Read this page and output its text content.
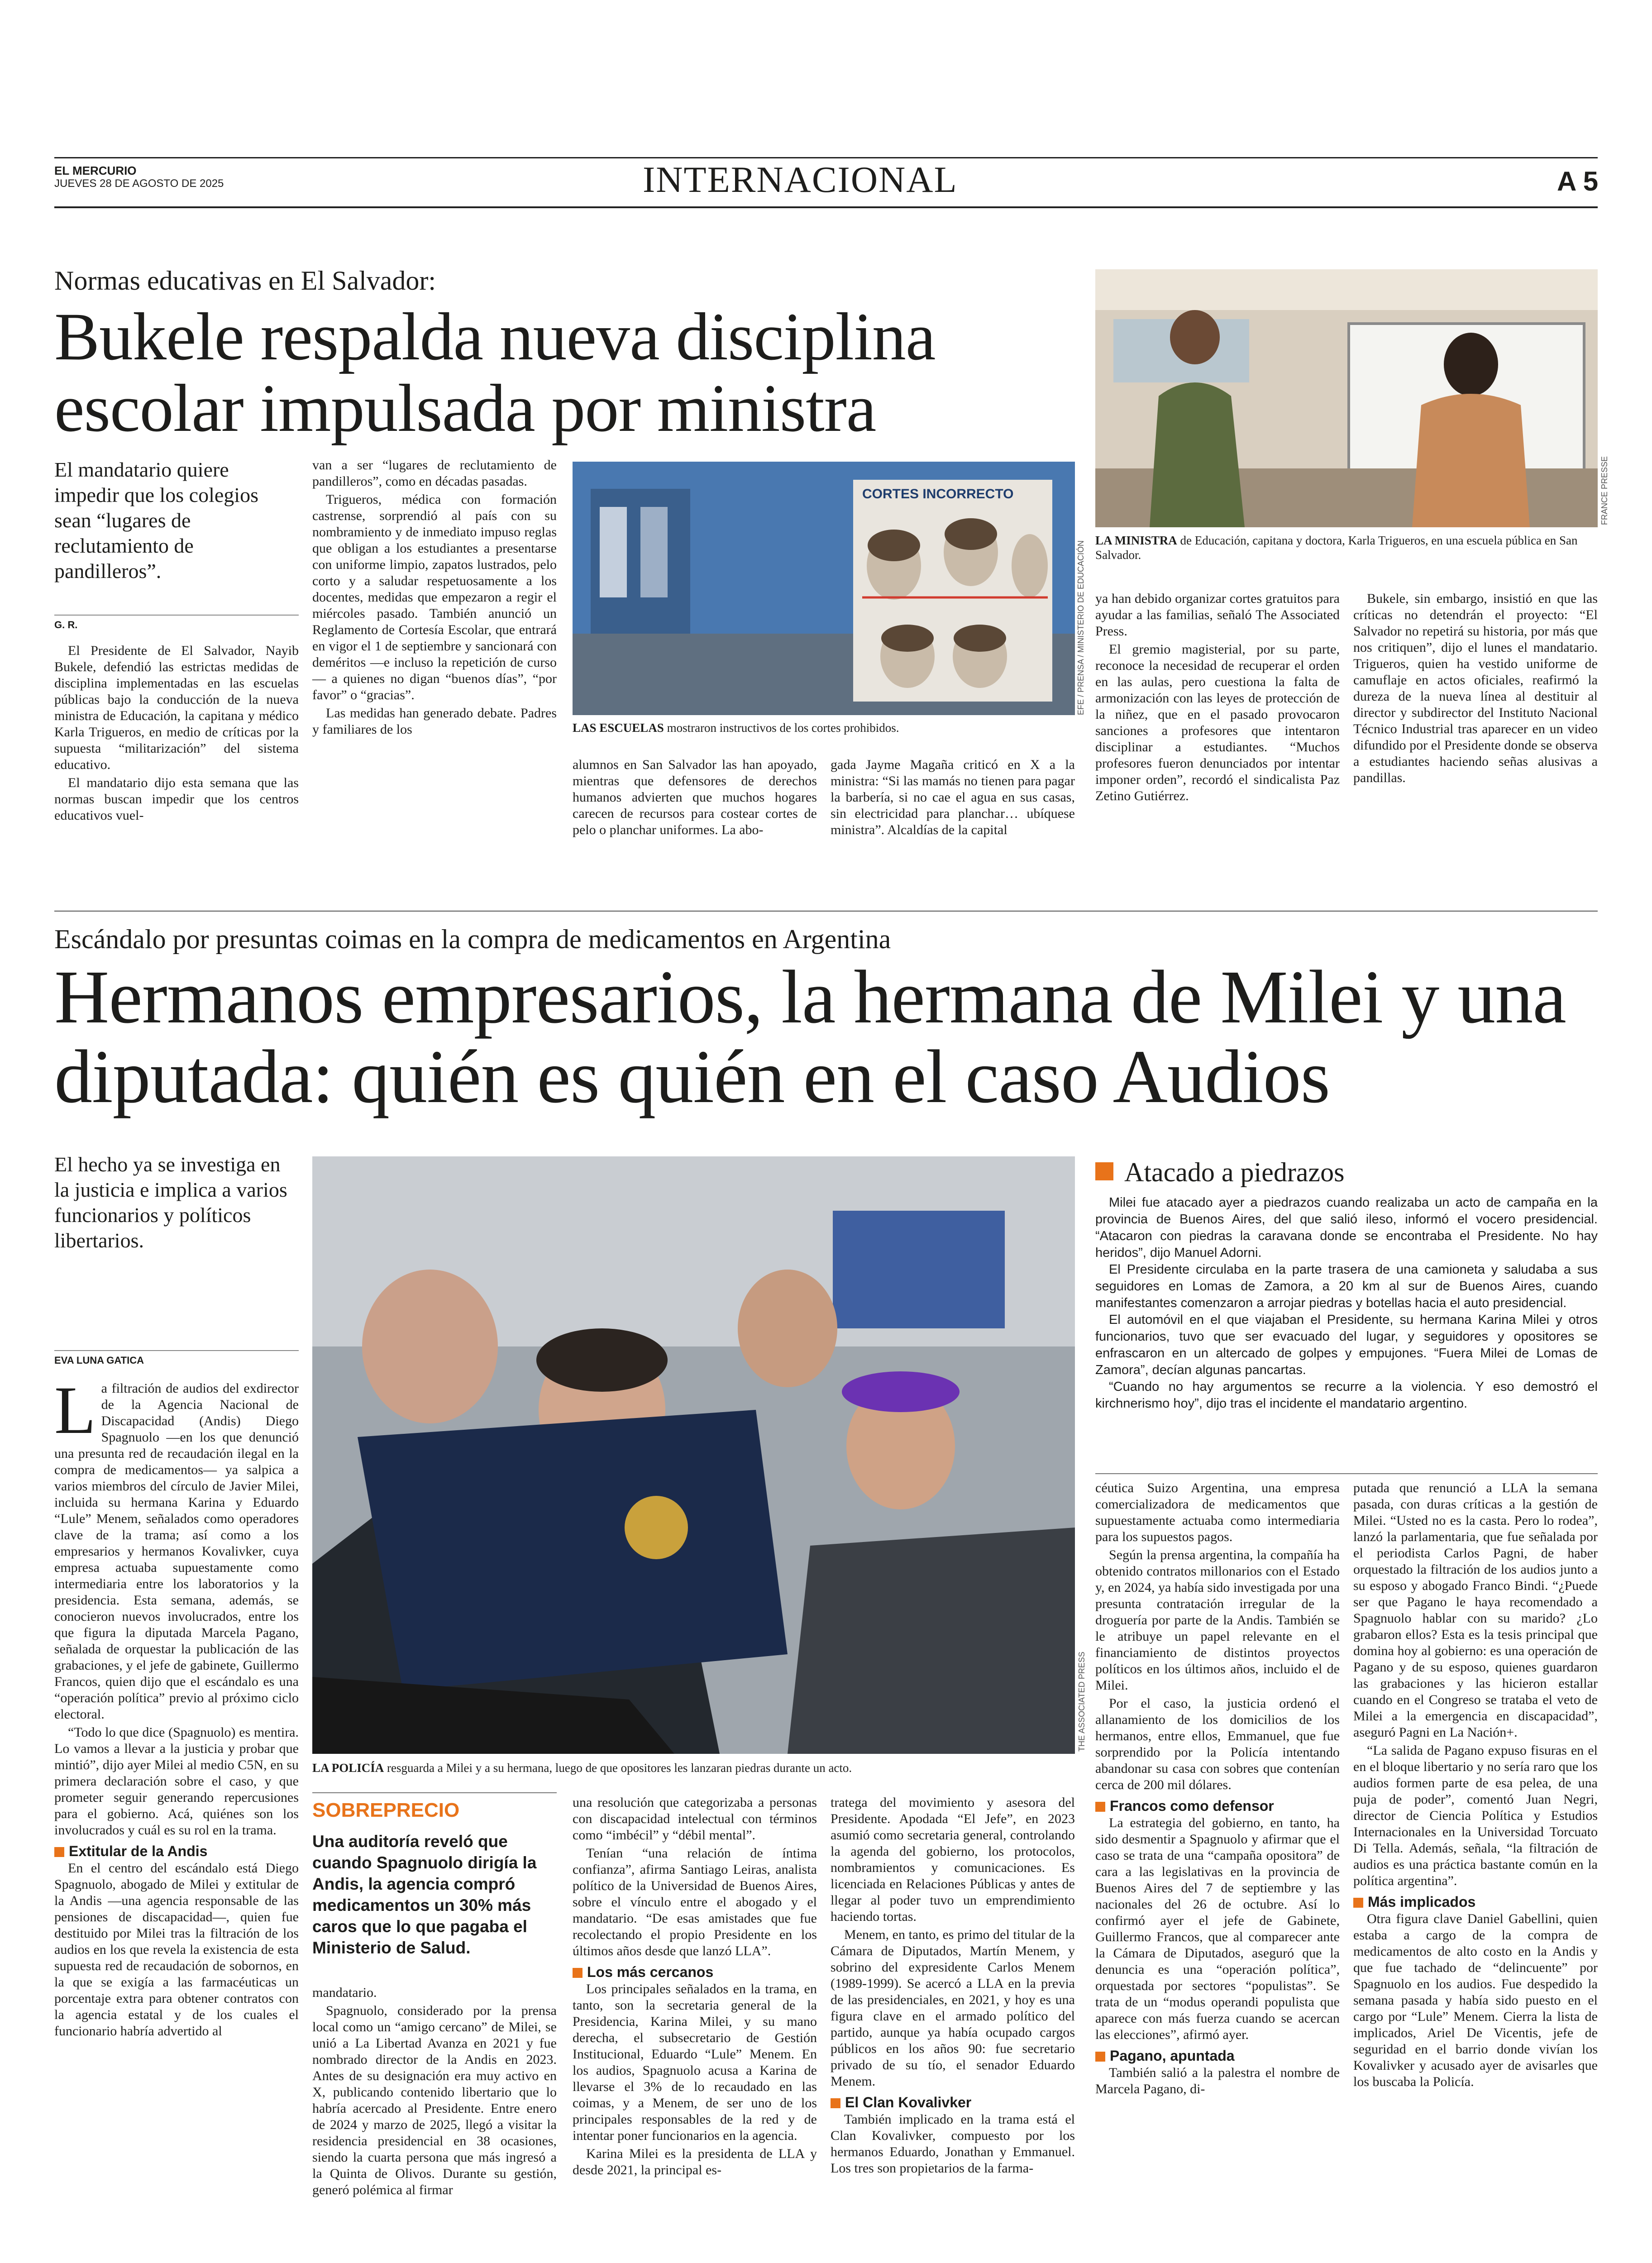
EL MERCURIO
JUEVES 28 DE AGOSTO DE 2025	INTERNACIONAL	A 5
Normas educativas en El Salvador:
Bukele respalda nueva disciplina escolar impulsada por ministra
El mandatario quiere impedir que los colegios sean “lugares de reclutamiento de pandilleros”.
G. R.

El Presidente de El Salvador, Nayib Bukele, defendió las estrictas medidas de disciplina implementadas en las escuelas públicas bajo la conducción de la nueva ministra de Educación, la capitana y médico Karla Trigueros, en medio de críticas por la supuesta “militarización” del sistema educativo.

El mandatario dijo esta semana que las normas buscan impedir que los centros educativos vuel-

van a ser “lugares de reclutamiento de pandilleros”, como en décadas pasadas.

Trigueros, médica con formación castrense, sorprendió al país con su nombramiento y de inmediato impuso reglas que obligan a los estudiantes a presentarse con uniforme limpio, zapatos lustrados, pelo corto y a saludar respetuosamente a los docentes, medidas que empezaron a regir el miércoles pasado. También anunció un Reglamento de Cortesía Escolar, que entrará en vigor el 1 de septiembre y sancionará con deméritos —e incluso la repetición de curso— a quienes no digan “buenos días”, “por favor” o “gracias”.

Las medidas han generado debate. Padres y familiares de los

CORTES INCORRECTO
EFE / PRENSA / MINISTERIO DE EDUCACIÓN
LAS ESCUELAS mostraron instructivos de los cortes prohibidos.

alumnos en San Salvador las han apoyado, mientras que defensores de derechos humanos advierten que muchos hogares carecen de recursos para costear cortes de pelo o planchar uniformes. La abo-

gada Jayme Magaña criticó en X a la ministra: “Si las mamás no tienen para pagar la barbería, si no cae el agua en sus casas, sin electricidad para planchar… ubíquese ministra”. Alcaldías de la capital

FRANCE PRESSE
LA MINISTRA de Educación, capitana y doctora, Karla Trigueros, en una escuela pública en San Salvador.

ya han debido organizar cortes gratuitos para ayudar a las familias, señaló The Associated Press.

El gremio magisterial, por su parte, reconoce la necesidad de recuperar el orden en las aulas, pero cuestiona la falta de armonización con las leyes de protección de la niñez, que en el pasado provocaron sanciones a profesores que intentaron disciplinar a estudiantes. “Muchos profesores fueron denunciados por intentar imponer orden”, recordó el sindicalista Paz Zetino Gutiérrez.

Bukele, sin embargo, insistió en que las críticas no detendrán el proyecto: “El Salvador no repetirá su historia, por más que nos critiquen”, dijo el lunes el mandatario. Trigueros, quien ha vestido uniforme de camuflaje en actos oficiales, reafirmó la dureza de la nueva línea al destituir al director y subdirector del Instituto Nacional Técnico Industrial tras aparecer en un video difundido por el Presidente donde se observa a estudiantes haciendo señas alusivas a pandillas.

Escándalo por presuntas coimas en la compra de medicamentos en Argentina
Hermanos empresarios, la hermana de Milei y una diputada: quién es quién en el caso Audios
El hecho ya se investiga en la justicia e implica a varios funcionarios y políticos libertarios.
EVA LUNA GATICA
L a filtración de audios del exdirector de la Agencia Nacional de Discapacidad (Andis) Diego Spagnuolo —en los que denunció una presunta red de recaudación ilegal en la compra de medicamentos— ya salpica a varios miembros del círculo de Javier Milei, incluida su hermana Karina y Eduardo “Lule” Menem, señalados como operadores clave de la trama; así como a los empresarios y hermanos Kovalivker, cuya empresa actuaba supuestamente como intermediaria entre los laboratorios y la presidencia. Esta semana, además, se conocieron nuevos involucrados, entre los que figura la diputada Marcela Pagano, señalada de orquestar la publicación de las grabaciones, y el jefe de gabinete, Guillermo Francos, quien dijo que el escándalo es una “operación política” previo al próximo ciclo electoral.

“Todo lo que dice (Spagnuolo) es mentira. Lo vamos a llevar a la justicia y probar que mintió”, dijo ayer Milei al medio C5N, en su primera declaración sobre el caso, y que prometer seguir generando repercusiones para el gobierno. Acá, quiénes son los involucrados y cuál es su rol en la trama.

Extitular de la Andis

En el centro del escándalo está Diego Spagnuolo, abogado de Milei y extitular de la Andis —una agencia responsable de las pensiones de discapacidad—, quien fue destituido por Milei tras la filtración de los audios en los que revela la existencia de esta supuesta red de recaudación de sobornos, en la que se exigía a las farmacéuticas un porcentaje extra para obtener contratos con la agencia estatal y de los cuales el funcionario habría advertido al

THE ASSOCIATED PRESS
LA POLICÍA resguarda a Milei y a su hermana, luego de que opositores les lanzaran piedras durante un acto.
SOBREPRECIO
Una auditoría reveló que cuando Spagnuolo dirigía la Andis, la agencia compró medicamentos un 30% más caros que lo que pagaba el Ministerio de Salud.

mandatario.

Spagnuolo, considerado por la prensa local como un “amigo cercano” de Milei, se unió a La Libertad Avanza en 2021 y fue nombrado director de la Andis en 2023. Antes de su designación era muy activo en X, publicando contenido libertario que lo habría acercado al Presidente. Entre enero de 2024 y marzo de 2025, llegó a visitar la residencia presidencial en 38 ocasiones, siendo la cuarta persona que más ingresó a la Quinta de Olivos. Durante su gestión, generó polémica al firmar

una resolución que categorizaba a personas con discapacidad intelectual con términos como “imbécil” y “débil mental”.

Tenían “una relación de íntima confianza”, afirma Santiago Leiras, analista político de la Universidad de Buenos Aires, sobre el vínculo entre el abogado y el mandatario. “De esas amistades que fue recolectando el propio Presidente en los últimos años desde que lanzó LLA”.

Los más cercanos

Los principales señalados en la trama, en tanto, son la secretaria general de la Presidencia, Karina Milei, y su mano derecha, el subsecretario de Gestión Institucional, Eduardo “Lule” Menem. En los audios, Spagnuolo acusa a Karina de llevarse el 3% de lo recaudado en las coimas, y a Menem, de ser uno de los principales responsables de la red y de intentar poner funcionarios en la agencia.

Karina Milei es la presidenta de LLA y desde 2021, la principal es-

tratega del movimiento y asesora del Presidente. Apodada “El Jefe”, en 2023 asumió como secretaria general, controlando la agenda del gobierno, los protocolos, nombramientos y comunicaciones. Es licenciada en Relaciones Públicas y antes de llegar al poder tuvo un emprendimiento haciendo tortas.

Menem, en tanto, es primo del titular de la Cámara de Diputados, Martín Menem, y sobrino del expresidente Carlos Menem (1989-1999). Se acercó a LLA en la previa de las presidenciales, en 2021, y hoy es una figura clave en el armado político del partido, aunque ya había ocupado cargos públicos en los años 90: fue secretario privado de su tío, el senador Eduardo Menem.

El Clan Kovalivker

También implicado en la trama está el Clan Kovalivker, compuesto por los hermanos Eduardo, Jonathan y Emmanuel. Los tres son propietarios de la farma-

Atacado a piedrazos

Milei fue atacado ayer a piedrazos cuando realizaba un acto de campaña en la provincia de Buenos Aires, del que salió ileso, informó el vocero presidencial. “Atacaron con piedras la caravana donde se encontraba el Presidente. No hay heridos”, dijo Manuel Adorni.

El Presidente circulaba en la parte trasera de una camioneta y saludaba a sus seguidores en Lomas de Zamora, a 20 km al sur de Buenos Aires, cuando manifestantes comenzaron a arrojar piedras y botellas hacia el auto presidencial.

El automóvil en el que viajaban el Presidente, su hermana Karina Milei y otros funcionarios, tuvo que ser evacuado del lugar, y seguidores y opositores se enfrascaron en un altercado de golpes y empujones. “Fuera Milei de Lomas de Zamora”, decían algunas pancartas.

“Cuando no hay argumentos se recurre a la violencia. Y eso demostró el kirchnerismo hoy”, dijo tras el incidente el mandatario argentino.

céutica Suizo Argentina, una empresa comercializadora de medicamentos que supuestamente actuaba como intermediaria para los supuestos pagos.

Según la prensa argentina, la compañía ha obtenido contratos millonarios con el Estado y, en 2024, ya había sido investigada por una presunta contratación irregular de la droguería por parte de la Andis. También se le atribuye un papel relevante en el financiamiento de distintos proyectos políticos en los últimos años, incluido el de Milei.

Por el caso, la justicia ordenó el allanamiento de los domicilios de los hermanos, entre ellos, Emmanuel, que fue sorprendido por la Policía intentando abandonar su casa con sobres que contenían cerca de 200 mil dólares.

Francos como defensor

La estrategia del gobierno, en tanto, ha sido desmentir a Spagnuolo y afirmar que el caso se trata de una “campaña opositora” de cara a las legislativas en la provincia de Buenos Aires del 7 de septiembre y las nacionales del 26 de octubre. Así lo confirmó ayer el jefe de Gabinete, Guillermo Francos, que al comparecer ante la Cámara de Diputados, aseguró que la denuncia es una “operación política”, orquestada por sectores “populistas”. Se trata de un “modus operandi populista que aparece con más fuerza cuando se acercan las elecciones”, afirmó ayer.

Pagano, apuntada

También salió a la palestra el nombre de Marcela Pagano, di-

putada que renunció a LLA la semana pasada, con duras críticas a la gestión de Milei. “Usted no es la casta. Pero lo rodea”, lanzó la parlamentaria, que fue señalada por el periodista Carlos Pagni, de haber orquestado la filtración de los audios junto a su esposo y abogado Franco Bindi. “¿Puede ser que Pagano le haya recomendado a Spagnuolo hablar con su marido? ¿Lo grabaron ellos? Esta es la tesis principal que domina hoy al gobierno: es una operación de Pagano y de su esposo, quienes guardaron las grabaciones y las hicieron estallar cuando en el Congreso se trataba el veto de Milei a la emergencia en discapacidad”, aseguró Pagni en La Nación+.

“La salida de Pagano expuso fisuras en el en el bloque libertario y no sería raro que los audios formen parte de esa pelea, de una puja de poder”, comentó Juan Negri, director de Ciencia Política y Estudios Internacionales en la Universidad Torcuato Di Tella. Además, señala, “la filtración de audios es una práctica bastante común en la política argentina”.

Más implicados

Otra figura clave Daniel Gabellini, quien estaba a cargo de la compra de medicamentos de alto costo en la Andis y que fue tachado de “delincuente” por Spagnuolo en los audios. Fue despedido la semana pasada y había sido puesto en el cargo por “Lule” Menem. Cierra la lista de implicados, Ariel De Vicentis, jefe de seguridad en el barrio donde vivían los Kovalivker y acusado ayer de avisarles que los buscaba la Policía.
